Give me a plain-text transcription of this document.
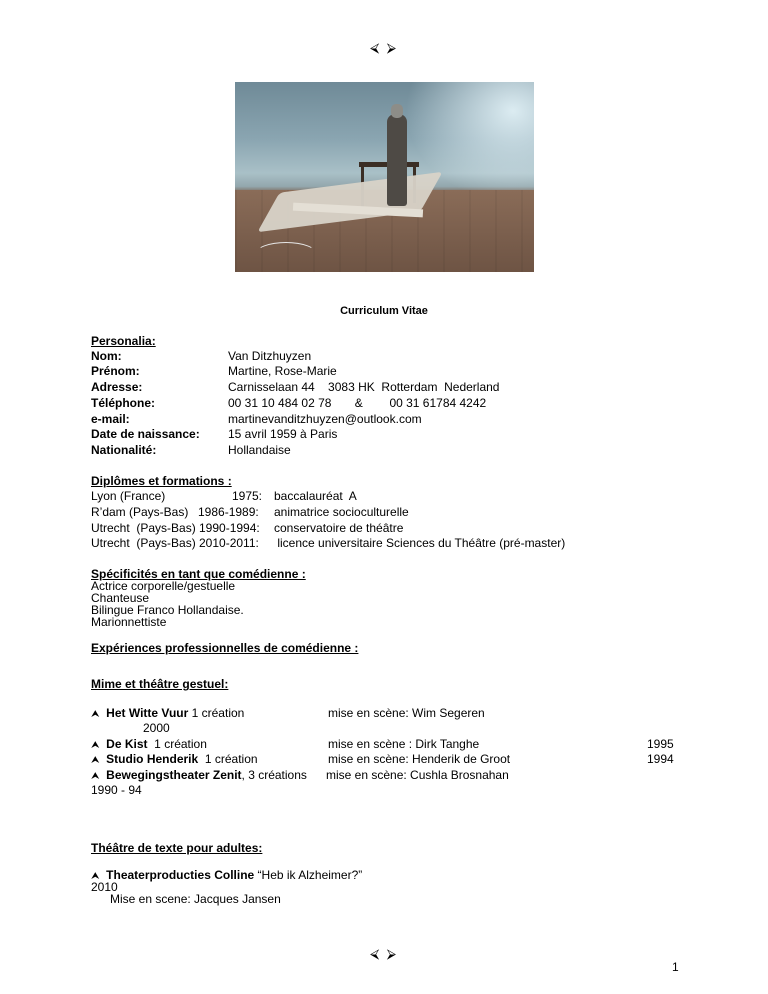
⮘ ⮚
Curriculum Vitae
Personalia:
Nom:	Van Ditzhuyzen
Prénom:	Martine, Rose-Marie
Adresse:	Carnisselaan 44    3083 HK  Rotterdam  Nederland
Téléphone:	00 31 10 484 02 78       &        00 31 61784 4242
e-mail:	martinevanditzhuyzen@outlook.com
Date de naissance: 15 avril 1959 à Paris
Nationalité:	Hollandaise
Diplômes et formations :
Lyon (France)	1975: baccalauréat  A
R’dam (Pays-Bas) 1986-1989: animatrice socioculturelle
Utrecht  (Pays-Bas) 1990-1994: conservatoire de théâtre
Utrecht  (Pays-Bas) 2010-2011: licence universitaire Sciences du Théâtre (pré-master)
Spécificités en tant que comédienne :
Actrice corporelle/gestuelle
Chanteuse
Bilingue Franco Hollandaise.
Marionnettiste
Expériences professionnelles de comédienne :
Mime et théâtre gestuel:
⮝ Het Witte Vuur 1 création	mise en scène: Wim Segeren
2000
⮝ De Kist  1 création	mise en scène : Dirk Tanghe	1995
⮝ Studio Henderik  1 création	mise en scène: Henderik de Groot	1994
⮝ Bewegingstheater Zenit, 3 créations mise en scène: Cushla Brosnahan
1990 - 94
Théâtre de texte pour adultes:
⮝ Theaterproducties Colline “Heb ik Alzheimer?”
2010
Mise en scene: Jacques Jansen
⮘ ⮚
1
